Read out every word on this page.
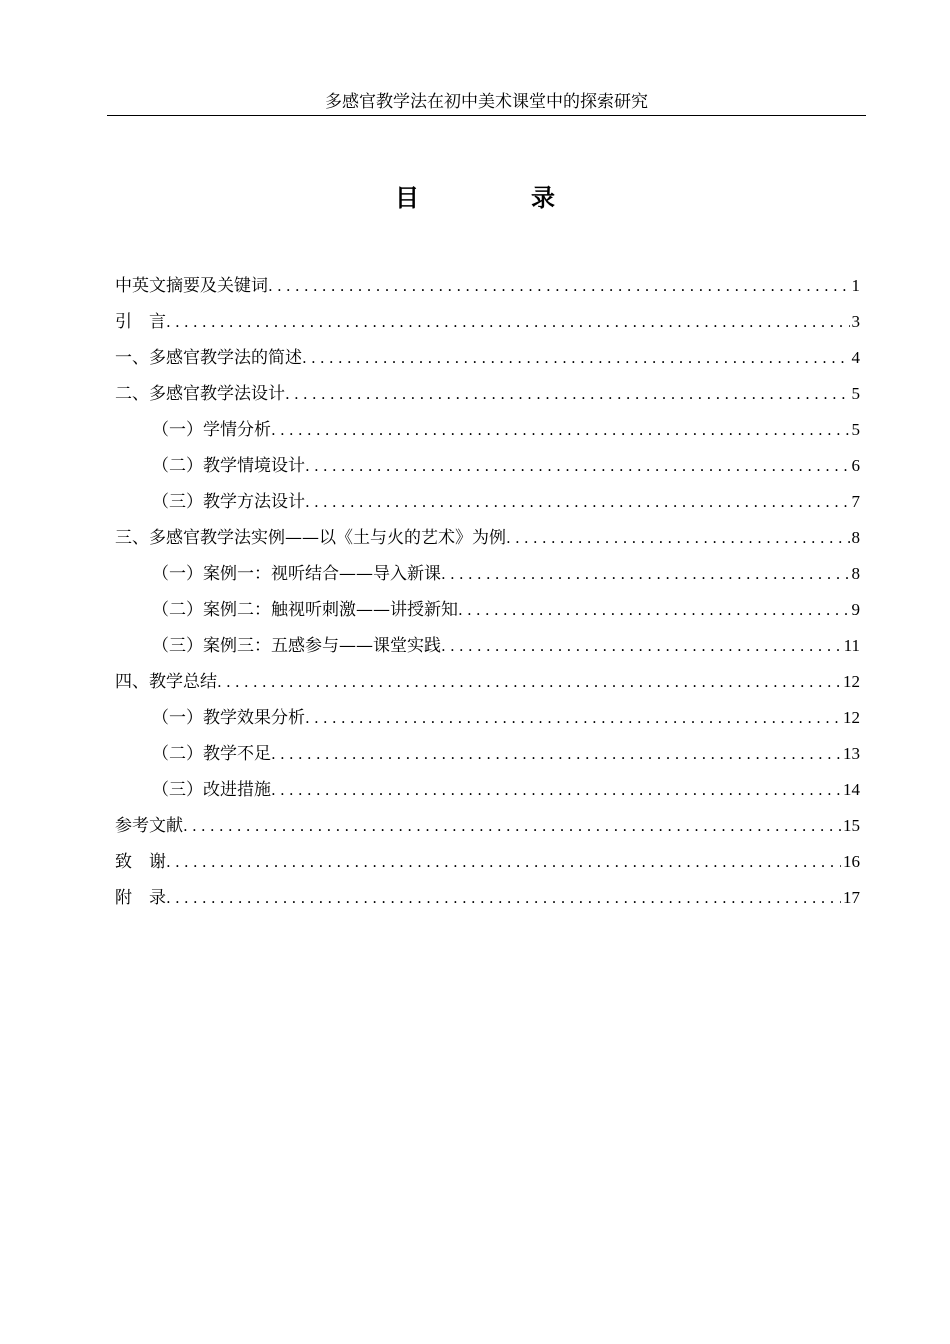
多感官教学法在初中美术课堂中的探索研究
目　录
中英文摘要及关键词 .....	1
引　言 .....	3
一、多感官教学法的简述 .....	4
二、多感官教学法设计 .....	5
（一）学情分析 .....	5
（二）教学情境设计 .....	6
（三）教学方法设计 .....	7
三、多感官教学法实例——以《土与火的艺术》为例 .....	8
（一）案例一：视听结合——导入新课 .....	8
（二）案例二：触视听刺激——讲授新知 .....	9
（三）案例三：五感参与——课堂实践 .....	11
四、教学总结 .....	12
（一）教学效果分析 .....	12
（二）教学不足 .....	13
（三）改进措施 .....	14
参考文献 .....	15
致　谢 .....	16
附　录 .....	17
